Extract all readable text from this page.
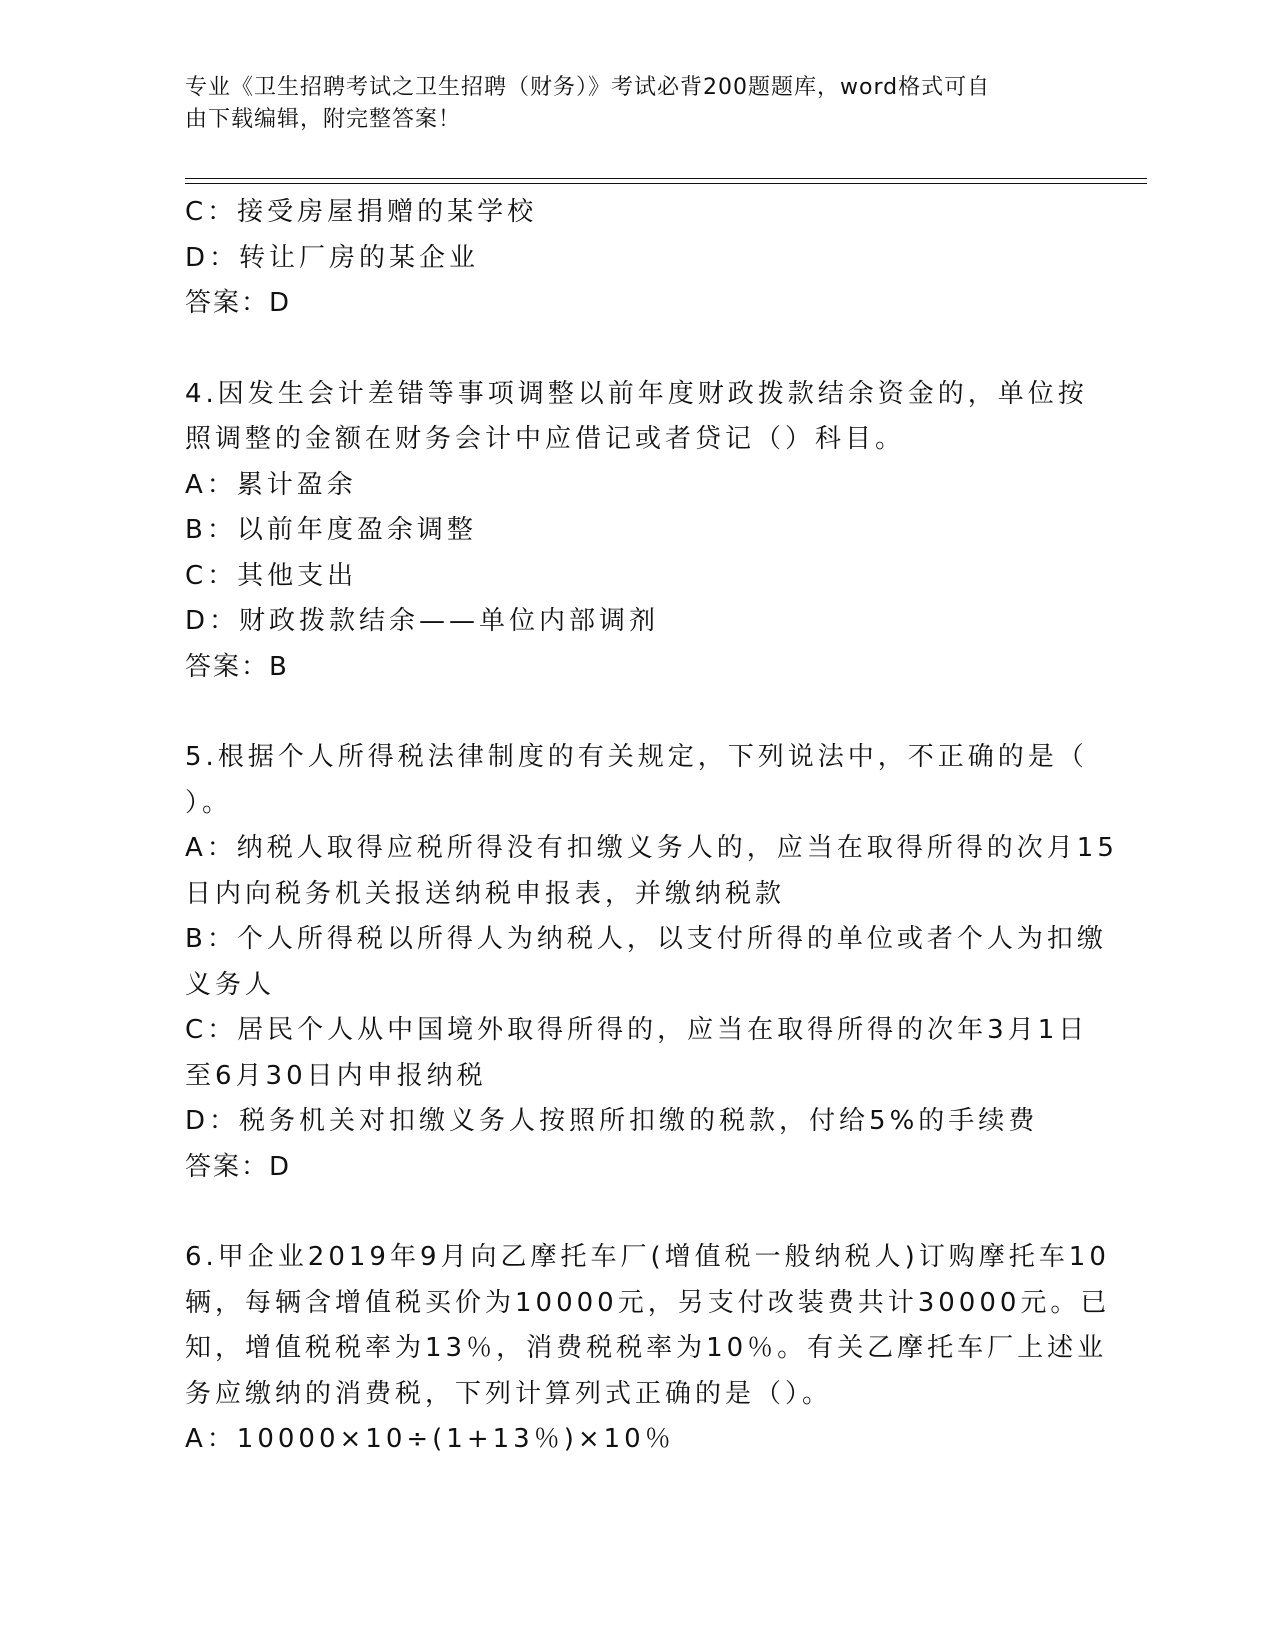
专业《卫生招聘考试之卫生招聘（财务）》考试必背200题题库，word格式可自
由下载编辑，附完整答案！
C：接受房屋捐赠的某学校
D：转让厂房的某企业
答案：D
4.因发生会计差错等事项调整以前年度财政拨款结余资金的，单位按
照调整的金额在财务会计中应借记或者贷记（）科目。
A：累计盈余
B：以前年度盈余调整
C：其他支出
D：财政拨款结余——单位内部调剂
答案：B
5.根据个人所得税法律制度的有关规定，下列说法中，不正确的是（
）。
A：纳税人取得应税所得没有扣缴义务人的，应当在取得所得的次月15
日内向税务机关报送纳税申报表，并缴纳税款
B：个人所得税以所得人为纳税人，以支付所得的单位或者个人为扣缴
义务人
C：居民个人从中国境外取得所得的，应当在取得所得的次年3月1日
至6月30日内申报纳税
D：税务机关对扣缴义务人按照所扣缴的税款，付给5%的手续费
答案：D
6.甲企业2019年9月向乙摩托车厂(增值税一般纳税人)订购摩托车10
辆，每辆含增值税买价为10000元，另支付改装费共计30000元。已
知，增值税税率为13％，消费税税率为10％。有关乙摩托车厂上述业
务应缴纳的消费税，下列计算列式正确的是（）。
A：10000×10÷(1+13％)×10％
